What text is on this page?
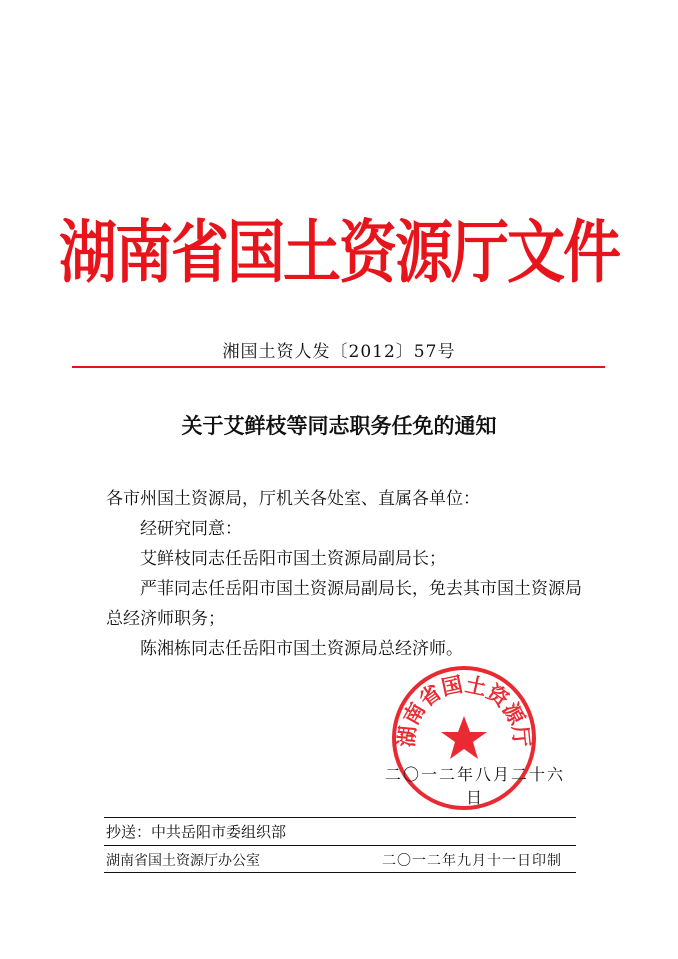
湖南省国土资源厅文件
湘国土资人发〔2012〕57号
关于艾鲜枝等同志职务任免的通知

各市州国土资源局，厅机关各处室、直属各单位：

经研究同意：

艾鲜枝同志任岳阳市国土资源局副局长；

严菲同志任岳阳市国土资源局副局长，免去其市国土资源局总经济师职务；

陈湘栋同志任岳阳市国土资源局总经济师。

湖南省国土资源厅
二〇一二年八月二十六日
抄送：中共岳阳市委组织部
湖南省国土资源厅办公室	二〇一二年九月十一日印制
